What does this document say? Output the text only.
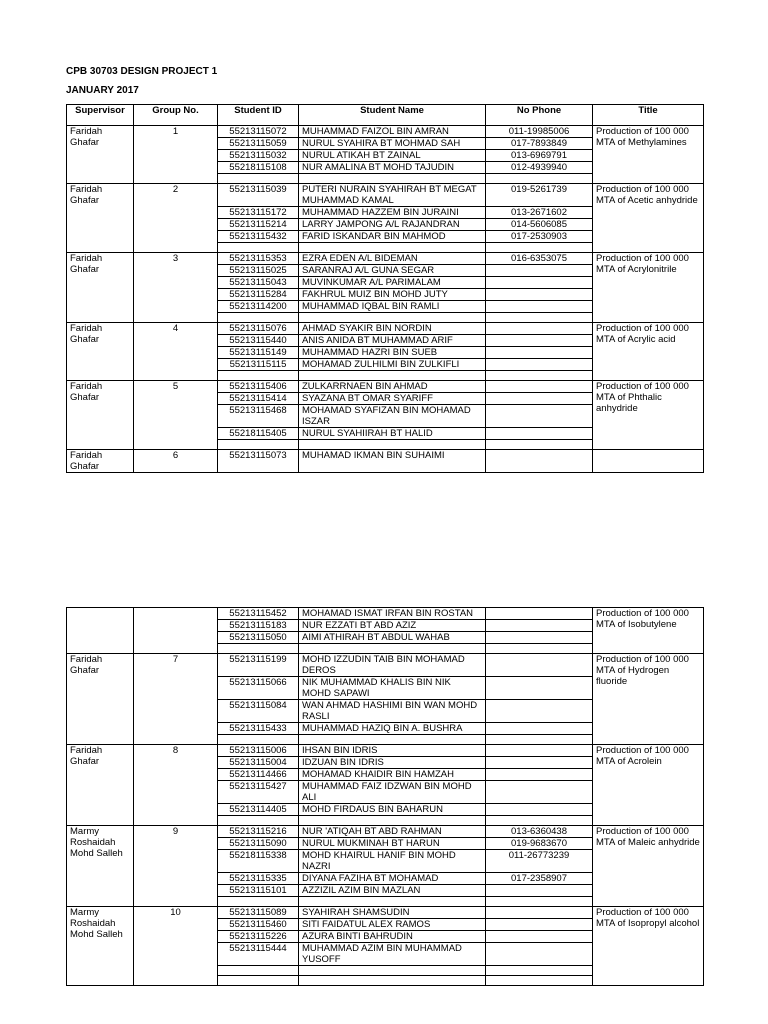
CPB 30703 DESIGN PROJECT 1
JANUARY 2017
Supervisor	Group No.	Student ID	Student Name	No Phone	Title
Faridah Ghafar	1	55213115072	MUHAMMAD FAIZOL BIN AMRAN	011-19985006	Production of 100 000 MTA of Methylamines
		55213115059	NURUL SYAHIRA BT MOHMAD SAH	017-7893849	
		55213115032	NURUL ATIKAH BT ZAINAL	013-6969791	
		55218115108	NUR AMALINA BT MOHD TAJUDIN	012-4939940	

Faridah Ghafar	2	55213115039	PUTERI NURAIN SYAHIRAH BT MEGAT MUHAMMAD KAMAL	019-5261739	Production of 100 000 MTA of Acetic anhydride
		55213115172	MUHAMMAD HAZZEM BIN JURAINI	013-2671602	
		55213115214	LARRY JAMPONG A/L RAJANDRAN	014-5606085	
		55213115432	FARID ISKANDAR BIN MAHMOD	017-2530903	

Faridah Ghafar	3	55213115353	EZRA EDEN A/L BIDEMAN	016-6353075	Production of 100 000 MTA of Acrylonitrile
		55213115025	SARANRAJ A/L GUNA SEGAR		
		55213115043	MUVINKUMAR A/L PARIMALAM		
		55213115284	FAKHRUL MUIZ BIN MOHD JUTY		
		55213114200	MUHAMMAD IQBAL BIN RAMLI		

Faridah Ghafar	4	55213115076	AHMAD SYAKIR BIN NORDIN		Production of 100 000 MTA of Acrylic acid
		55213115440	ANIS ANIDA BT MUHAMMAD ARIF		
		55213115149	MUHAMMAD HAZRI BIN SUEB		
		55213115115	MOHAMAD ZULHILMI BIN ZULKIFLI		

Faridah Ghafar	5	55213115406	ZULKARRNAEN BIN AHMAD		Production of 100 000 MTA of Phthalic anhydride
		55213115414	SYAZANA BT OMAR SYARIFF		
		55213115468	MOHAMAD SYAFIZAN BIN MOHAMAD ISZAR		
		55218115405	NURUL SYAHIIRAH BT HALID		

Faridah Ghafar	6	55213115073	MUHAMAD IKMAN BIN SUHAIMI		
		55213115452	MOHAMAD ISMAT IRFAN BIN ROSTAN		Production of 100 000 MTA of Isobutylene
		55213115183	NUR EZZATI BT ABD AZIZ		
		55213115050	AIMI ATHIRAH BT ABDUL WAHAB		

Faridah Ghafar	7	55213115199	MOHD IZZUDIN TAIB BIN MOHAMAD DEROS		Production of 100 000 MTA of Hydrogen fluoride
		55213115066	NIK MUHAMMAD KHALIS BIN NIK MOHD SAPAWI		
		55213115084	WAN AHMAD HASHIMI BIN WAN MOHD RASLI		
		55213115433	MUHAMMAD HAZIQ BIN A. BUSHRA		

Faridah Ghafar	8	55213115006	IHSAN BIN IDRIS		Production of 100 000 MTA of Acrolein
		55213115004	IDZUAN BIN IDRIS		
		55213114466	MOHAMAD KHAIDIR BIN HAMZAH		
		55213115427	MUHAMMAD FAIZ IDZWAN BIN MOHD ALI		
		55213114405	MOHD FIRDAUS BIN BAHARUN		

Marmy Roshaidah Mohd Salleh	9	55213115216	NUR 'ATIQAH BT ABD RAHMAN	013-6360438	Production of 100 000 MTA of Maleic anhydride
		55213115090	NURUL MUKMINAH BT HARUN	019-9683670	
		55218115338	MOHD KHAIRUL HANIF BIN MOHD NAZRI	011-26773239	
		55213115335	DIYANA FAZIHA BT MOHAMAD	017-2358907	
		55213115101	AZZIZIL AZIM BIN MAZLAN		

Marmy Roshaidah Mohd Salleh	10	55213115089	SYAHIRAH SHAMSUDIN		Production of 100 000 MTA of Isopropyl alcohol
		55213115460	SITI FAIDATUL ALEX RAMOS		
		55213115226	AZURA BINTI BAHRUDIN		
		55213115444	MUHAMMAD AZIM BIN MUHAMMAD YUSOFF		
